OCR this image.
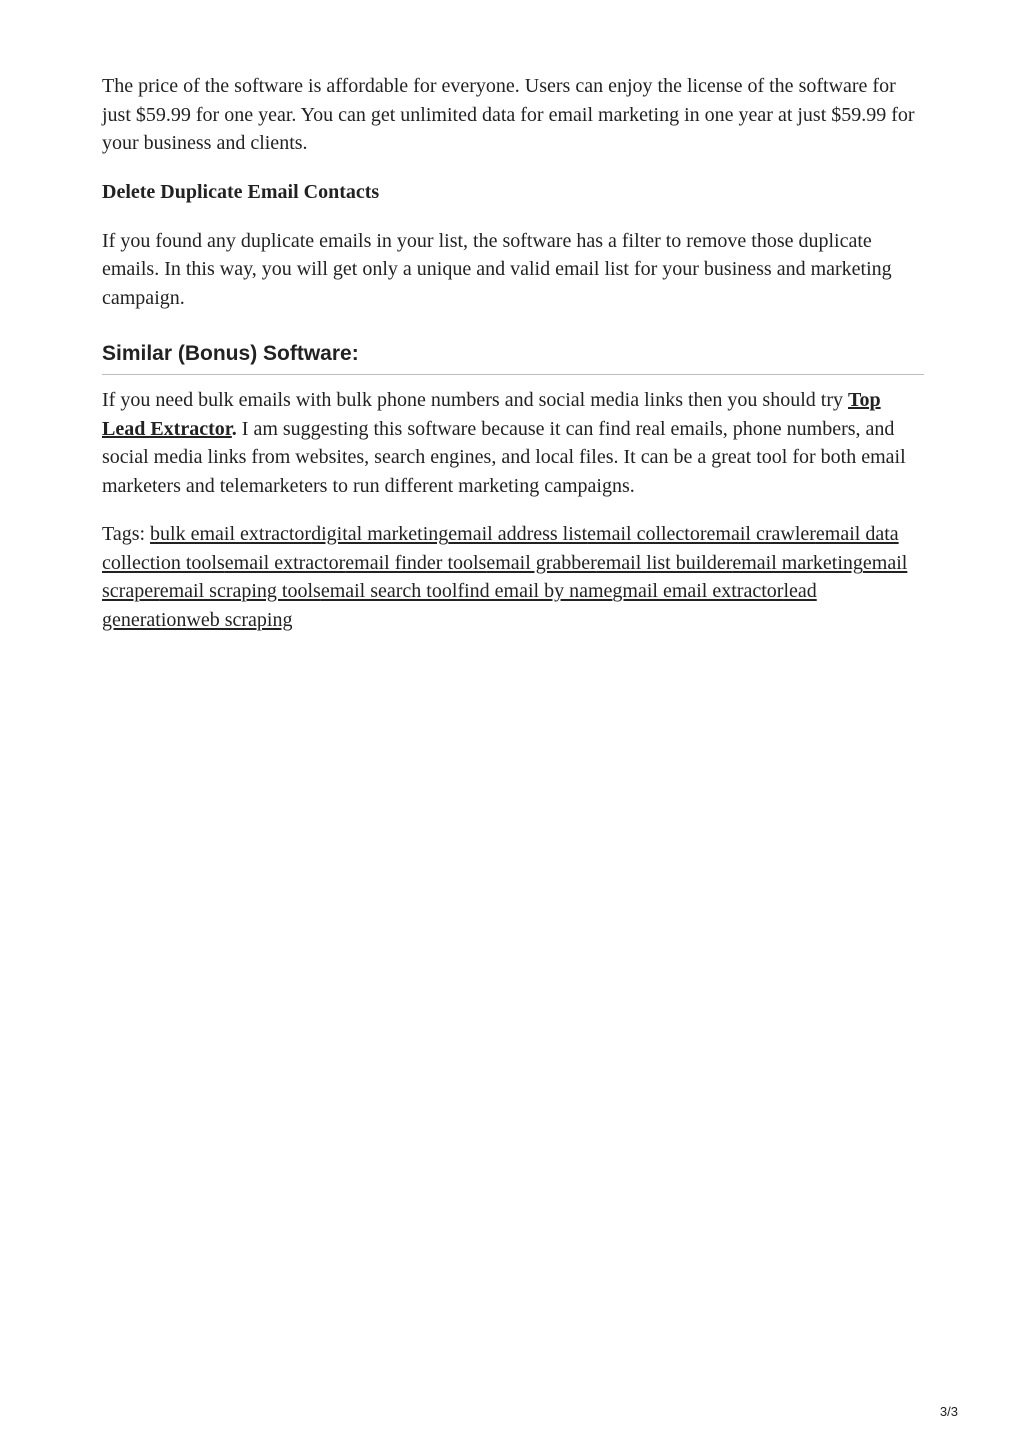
The price of the software is affordable for everyone. Users can enjoy the license of the software for just $59.99 for one year. You can get unlimited data for email marketing in one year at just $59.99 for your business and clients.

Delete Duplicate Email Contacts

If you found any duplicate emails in your list, the software has a filter to remove those duplicate emails. In this way, you will get only a unique and valid email list for your business and marketing campaign.

Similar (Bonus) Software:

If you need bulk emails with bulk phone numbers and social media links then you should try Top Lead Extractor. I am suggesting this software because it can find real emails, phone numbers, and social media links from websites, search engines, and local files. It can be a great tool for both email marketers and telemarketers to run different marketing campaigns.

Tags: bulk email extractordigital marketingemail address listemail collectoremail crawleremail data collection toolsemail extractoremail finder toolsemail grabberemail list builderemail marketingemail scraperemail scraping toolsemail search toolfind email by namegmail email extractorlead generationweb scraping

3/3
